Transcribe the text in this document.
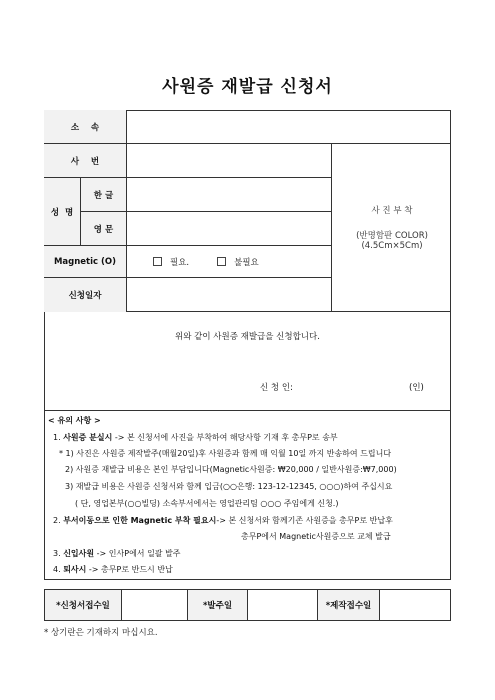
사원증 재발급 신청서
소    속
사    번
성  명
한 글
영 문
Magnetic (O)	필요.	불필요
신청일자
사 진 부 착
(반명함판 COLOR)
(4.5Cm×5Cm)
위와 같이 사원증 재발급을 신청합니다.
신 청 인:	(인)
< 유의 사항 >
1. 사원증 분실시 -> 본 신청서에 사진을 부착하여 해당사항 기재 후 총무P로 송부
* 1) 사진은 사원증 제작발주(매월20일)후 사원증과 함께 매 익월 10일 까지 반송하여 드립니다
2) 사원증 재발급 비용은 본인 부담입니다(Magnetic사원증: ₩20,000 / 일반사원증:₩7,000)
3) 재발급 비용은 사원증 신청서와 함께 입금(○○은행: 123-12-12345, ○○○)하여 주십시요
( 단, 영업본부(○○빌딩) 소속부서에서는 영업관리팀 ○○○ 주임에게 신청.)
2. 부서이동으로 인한 Magnetic 부착 필요시-> 본 신청서와 함께기존 사원증을 총무P로 반납후
총무P에서 Magnetic사원증으로 교체 발급
3. 신입사원 -> 인사P에서 일괄 발주
4. 퇴사시 -> 총무P로 반드시 반납
*신청서접수일	*발주일	*제작접수일
* 상기란은 기재하지 마십시요.
